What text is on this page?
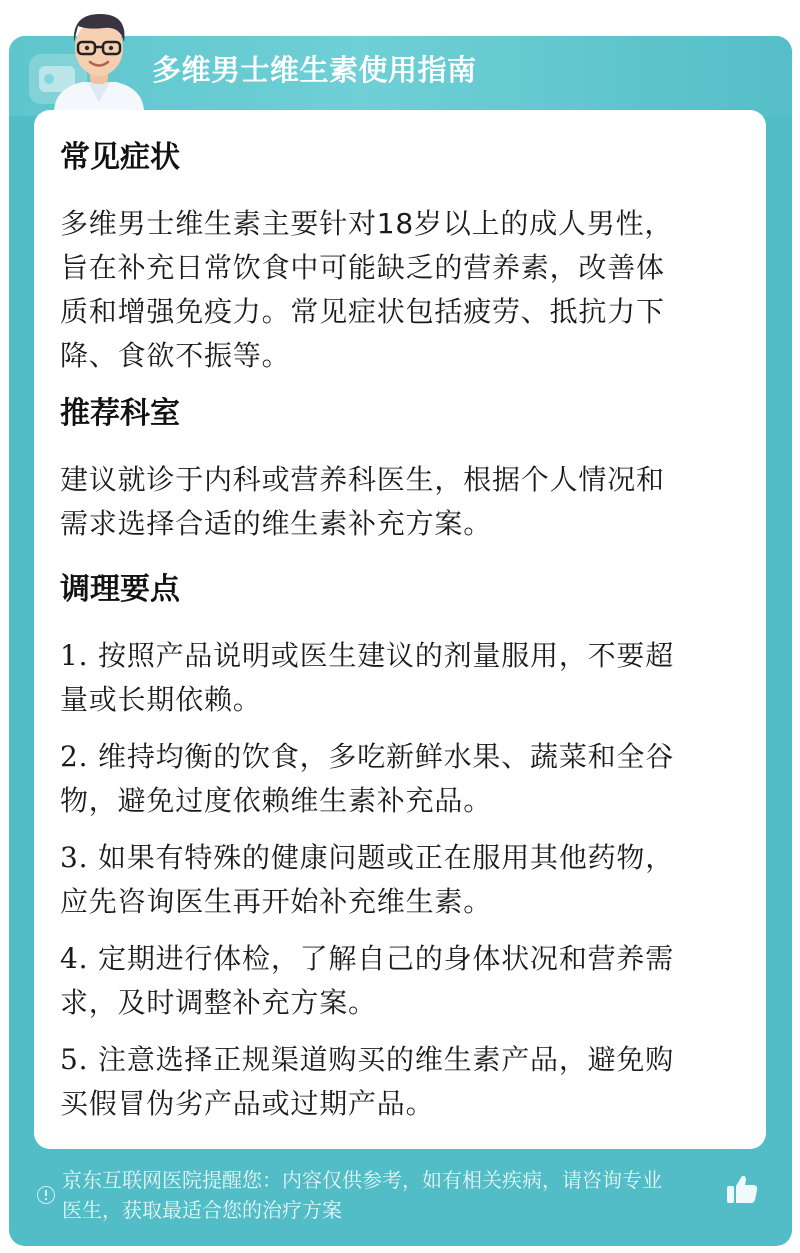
多维男士维生素使用指南
常见症状

多维男士维生素主要针对18岁以上的成人男性，
旨在补充日常饮食中可能缺乏的营养素，改善体
质和增强免疫力。常见症状包括疲劳、抵抗力下
降、食欲不振等。

推荐科室

建议就诊于内科或营养科医生，根据个人情况和
需求选择合适的维生素补充方案。

调理要点

1. 按照产品说明或医生建议的剂量服用，不要超
量或长期依赖。

2. 维持均衡的饮食，多吃新鲜水果、蔬菜和全谷
物，避免过度依赖维生素补充品。

3. 如果有特殊的健康问题或正在服用其他药物，
应先咨询医生再开始补充维生素。

4. 定期进行体检，了解自己的身体状况和营养需
求，及时调整补充方案。

5. 注意选择正规渠道购买的维生素产品，避免购
买假冒伪劣产品或过期产品。

京东互联网医院提醒您：内容仅供参考，如有相关疾病，请咨询专业
医生，获取最适合您的治疗方案
